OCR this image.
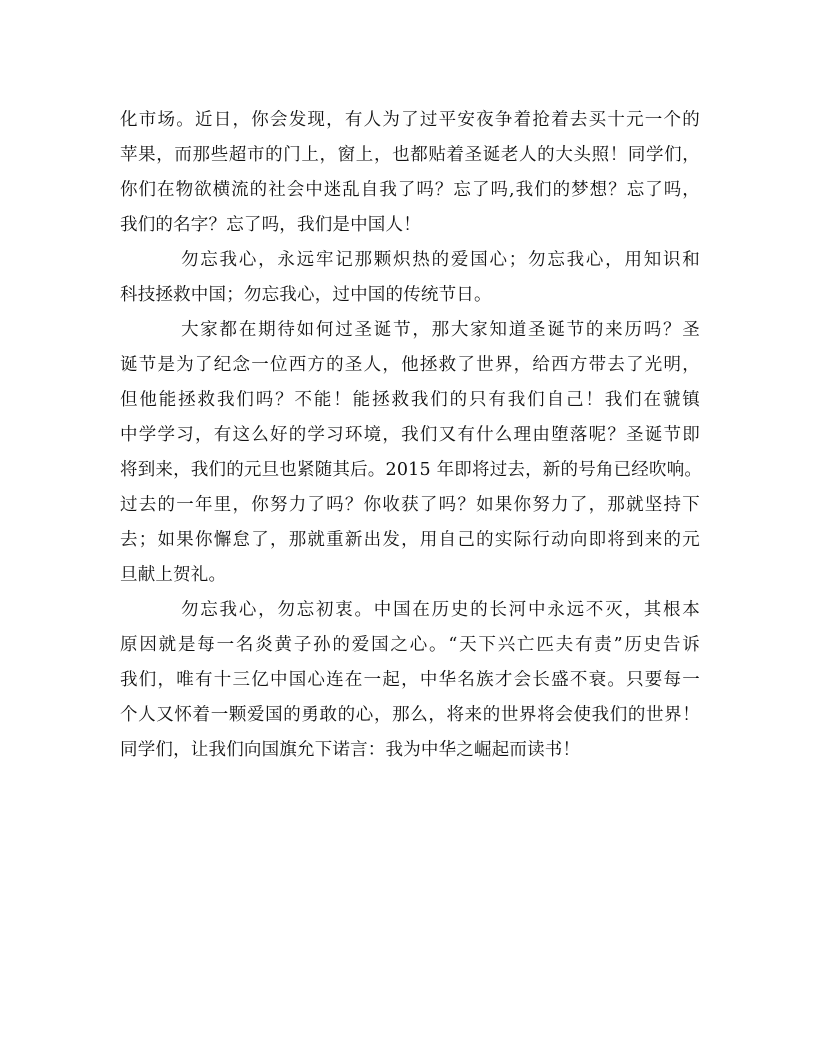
化市场。近日，你会发现，有人为了过平安夜争着抢着去买十元一个的
苹果，而那些超市的门上，窗上，也都贴着圣诞老人的大头照！同学们，
你们在物欲横流的社会中迷乱自我了吗？忘了吗,我们的梦想？忘了吗，
我们的名字？忘了吗，我们是中国人！
勿忘我心，永远牢记那颗炽热的爱国心；勿忘我心，用知识和
科技拯救中国；勿忘我心，过中国的传统节日。
大家都在期待如何过圣诞节，那大家知道圣诞节的来历吗？圣
诞节是为了纪念一位西方的圣人，他拯救了世界，给西方带去了光明，
但他能拯救我们吗？不能！能拯救我们的只有我们自己！我们在虢镇
中学学习，有这么好的学习环境，我们又有什么理由堕落呢？圣诞节即
将到来，我们的元旦也紧随其后。2015 年即将过去，新的号角已经吹响。
过去的一年里，你努力了吗？你收获了吗？如果你努力了，那就坚持下
去；如果你懈怠了，那就重新出发，用自己的实际行动向即将到来的元
旦献上贺礼。
勿忘我心，勿忘初衷。中国在历史的长河中永远不灭，其根本
原因就是每一名炎黄子孙的爱国之心。“天下兴亡匹夫有责”历史告诉
我们，唯有十三亿中国心连在一起，中华名族才会长盛不衰。只要每一
个人又怀着一颗爱国的勇敢的心，那么，将来的世界将会使我们的世界！
同学们，让我们向国旗允下诺言：我为中华之崛起而读书！
